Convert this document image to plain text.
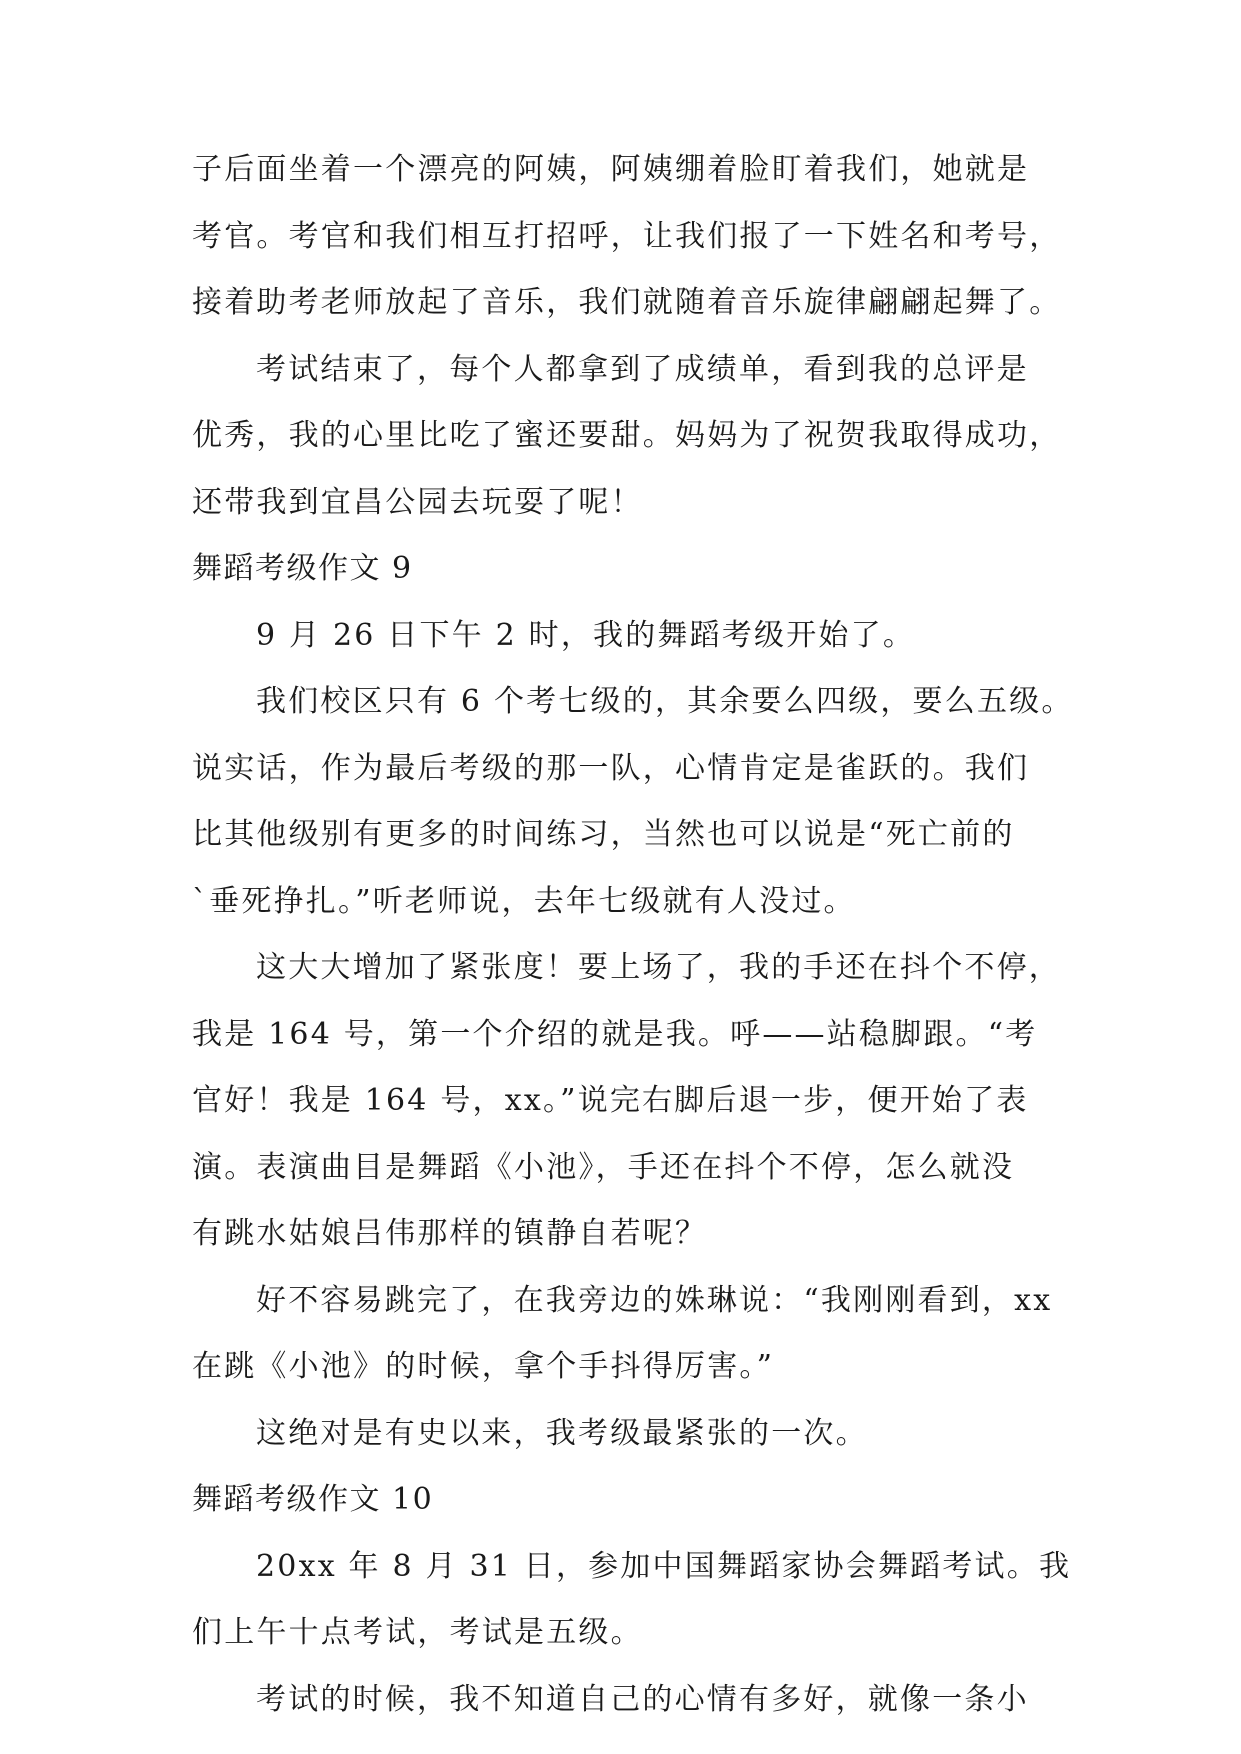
子后面坐着一个漂亮的阿姨，阿姨绷着脸盯着我们，她就是
考官。考官和我们相互打招呼，让我们报了一下姓名和考号，
接着助考老师放起了音乐，我们就随着音乐旋律翩翩起舞了。
考试结束了，每个人都拿到了成绩单，看到我的总评是
优秀，我的心里比吃了蜜还要甜。妈妈为了祝贺我取得成功，
还带我到宜昌公园去玩耍了呢！
舞蹈考级作文 9
9 月 26 日下午 2 时，我的舞蹈考级开始了。
我们校区只有 6 个考七级的，其余要么四级，要么五级。
说实话，作为最后考级的那一队，心情肯定是雀跃的。我们
比其他级别有更多的时间练习，当然也可以说是“死亡前的
`垂死挣扎。”听老师说，去年七级就有人没过。
这大大增加了紧张度！要上场了，我的手还在抖个不停，
我是 164 号，第一个介绍的就是我。呼——站稳脚跟。“考
官好！我是 164 号，xx。”说完右脚后退一步，便开始了表
演。表演曲目是舞蹈《小池》，手还在抖个不停，怎么就没
有跳水姑娘吕伟那样的镇静自若呢？
好不容易跳完了，在我旁边的姝琳说：“我刚刚看到，xx
在跳《小池》的时候，拿个手抖得厉害。”
这绝对是有史以来，我考级最紧张的一次。
舞蹈考级作文 10
20xx 年 8 月 31 日，参加中国舞蹈家协会舞蹈考试。我
们上午十点考试，考试是五级。
考试的时候，我不知道自己的心情有多好，就像一条小
